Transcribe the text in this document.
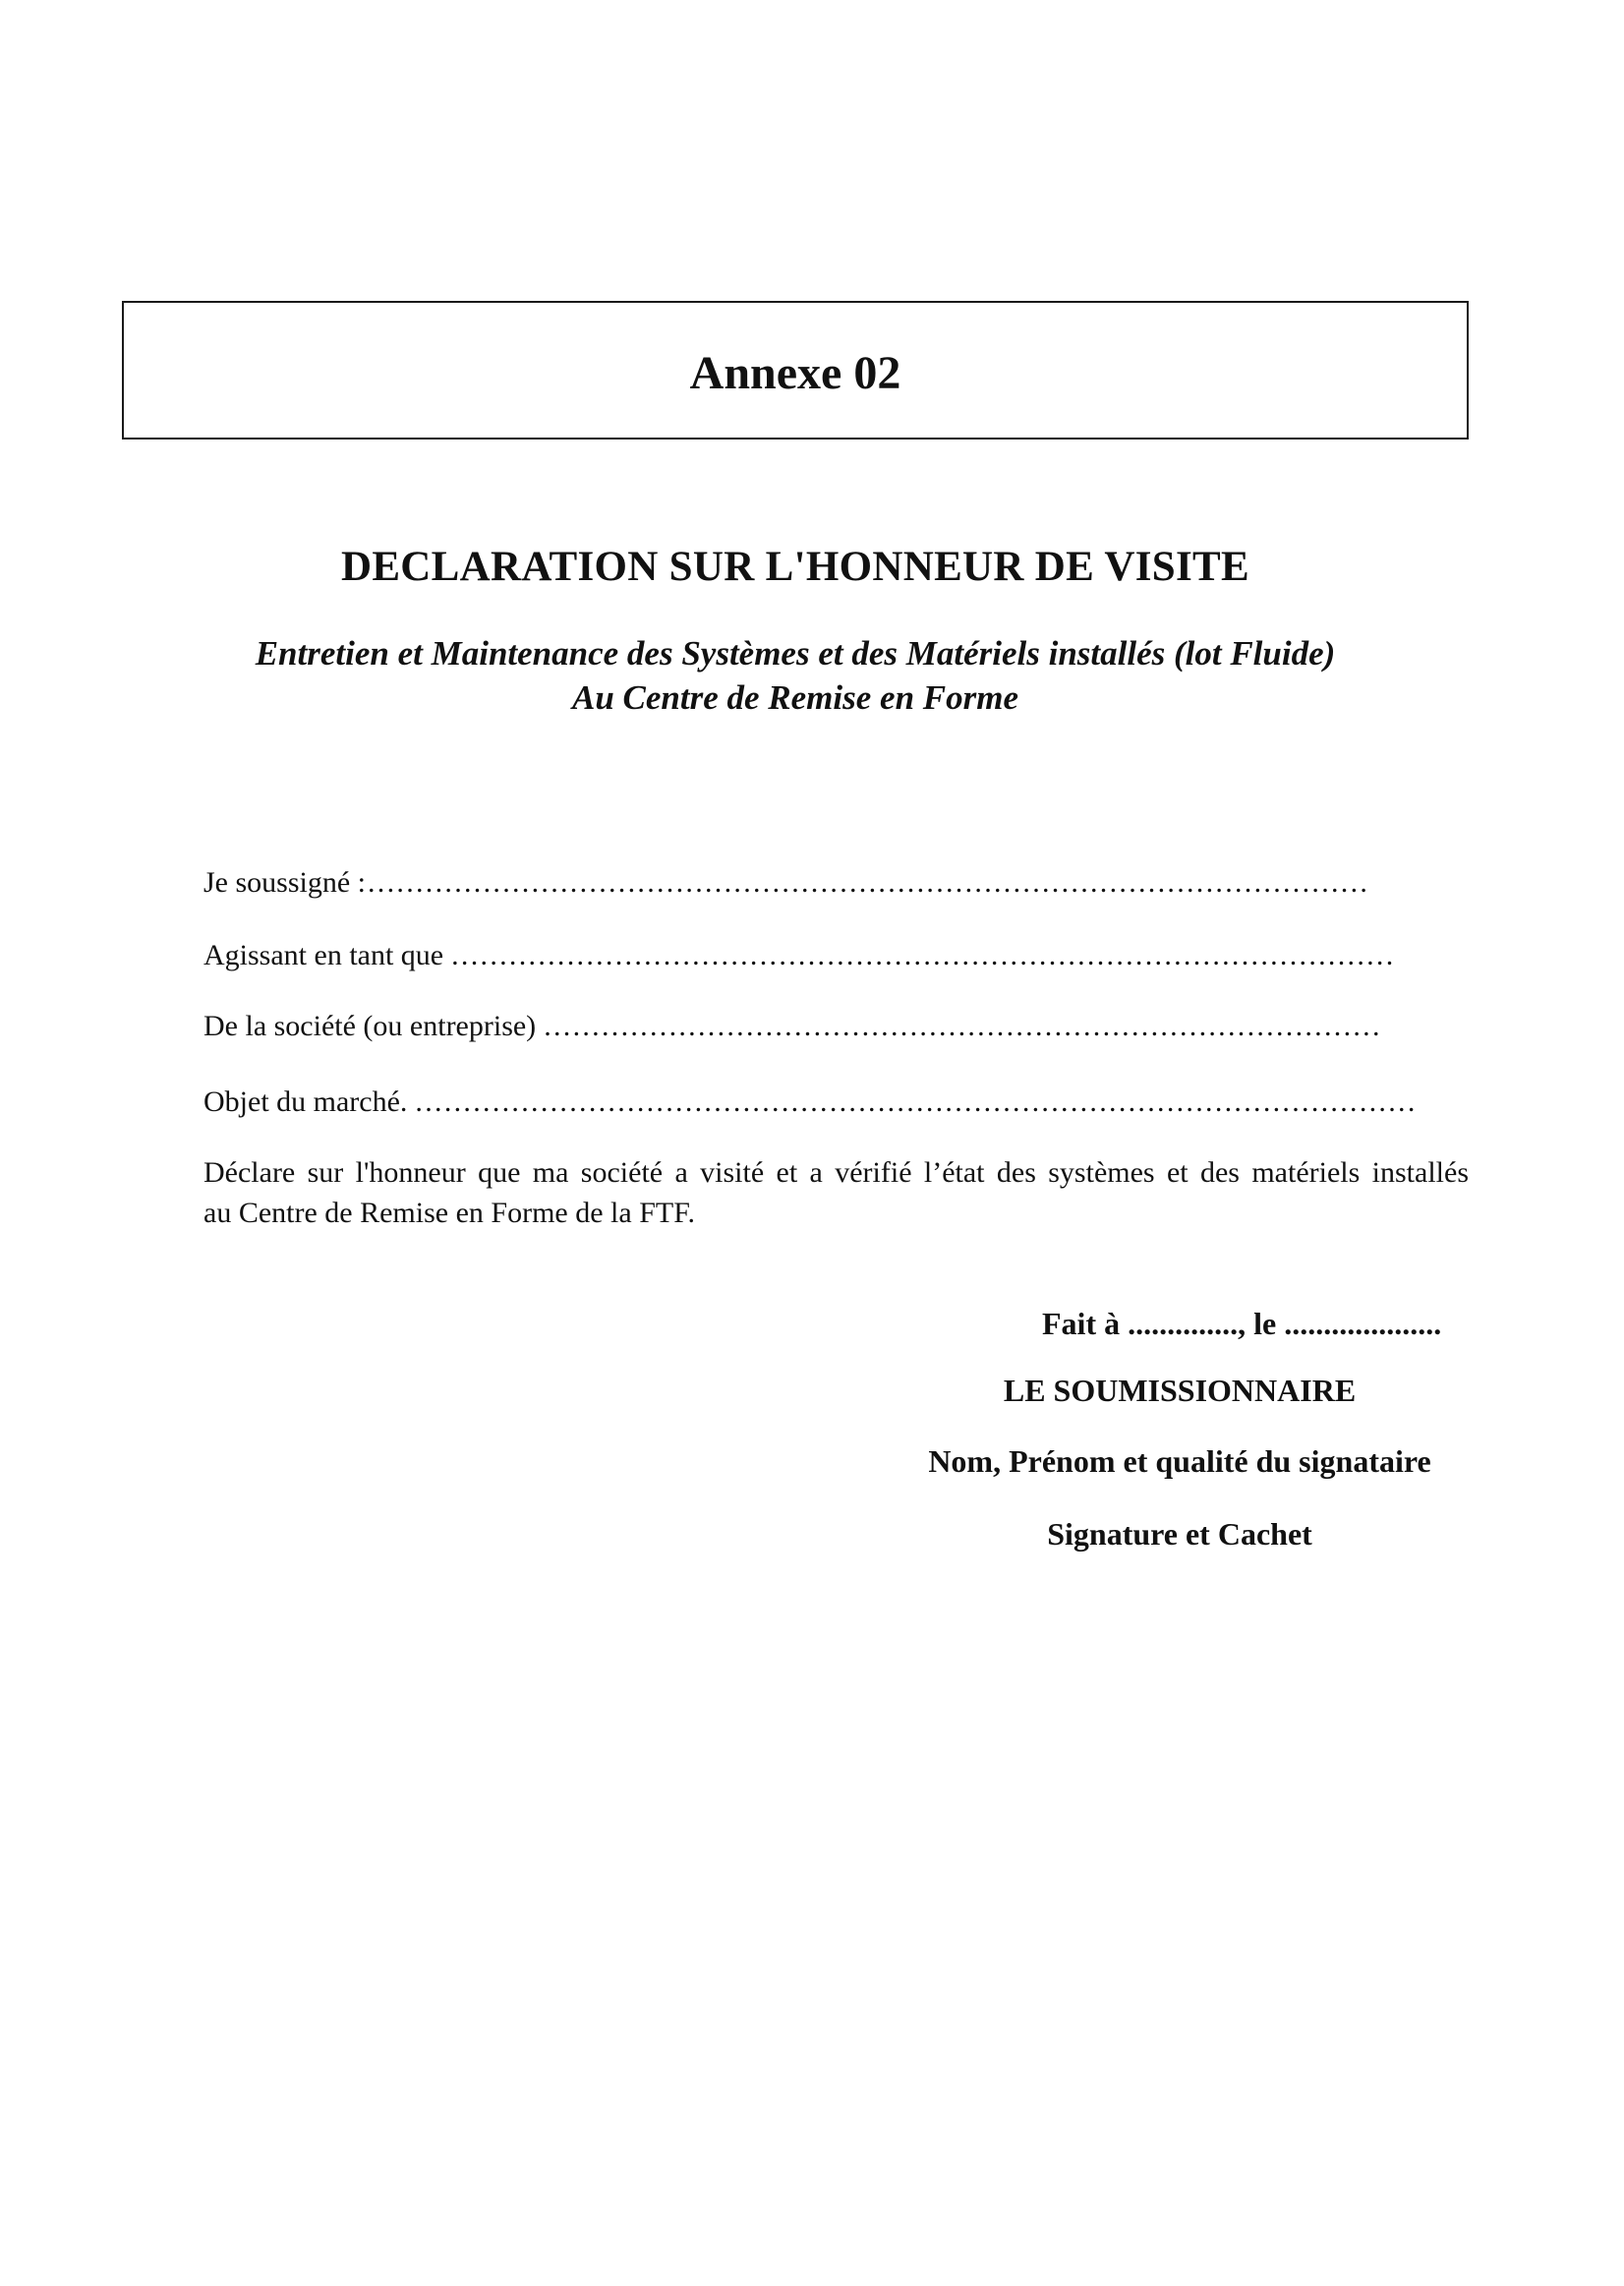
Annexe 02
DECLARATION SUR L'HONNEUR DE VISITE
Entretien et Maintenance des Systèmes et des Matériels installés (lot Fluide)
Au Centre de Remise en Forme
Je soussigné :........................................................................................................
Agissant en tant que ..................................................................................................
De la société (ou entreprise) .......................................................................................
Objet du marché. ........................................................................................................
Déclare sur l'honneur que ma société a visité et a vérifié l’état des systèmes et des matériels installés
au Centre de Remise en Forme de la FTF.
Fait à .............., le ....................
LE SOUMISSIONNAIRE
Nom, Prénom et qualité du signataire
Signature et Cachet
